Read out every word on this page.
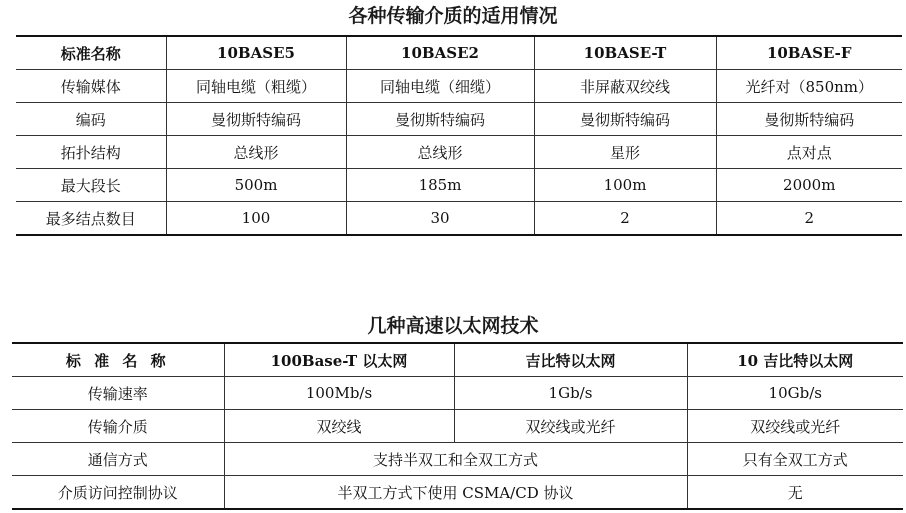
各种传输介质的适用情况
标准名称	10BASE5	10BASE2	10BASE-T	10BASE-F
传输媒体	同轴电缆（粗缆）	同轴电缆（细缆）	非屏蔽双绞线	光纤对（850nm）
编码	曼彻斯特编码	曼彻斯特编码	曼彻斯特编码	曼彻斯特编码
拓扑结构	总线形	总线形	星形	点对点
最大段长	500m	185m	100m	2000m
最多结点数目	100	30	2	2
几种高速以太网技术
标 准 名 称	100Base-T 以太网	吉比特以太网	10 吉比特以太网
传输速率	100Mb/s	1Gb/s	10Gb/s
传输介质	双绞线	双绞线或光纤	双绞线或光纤
通信方式	支持半双工和全双工方式		只有全双工方式
介质访问控制协议	半双工方式下使用 CSMA/CD 协议		无
